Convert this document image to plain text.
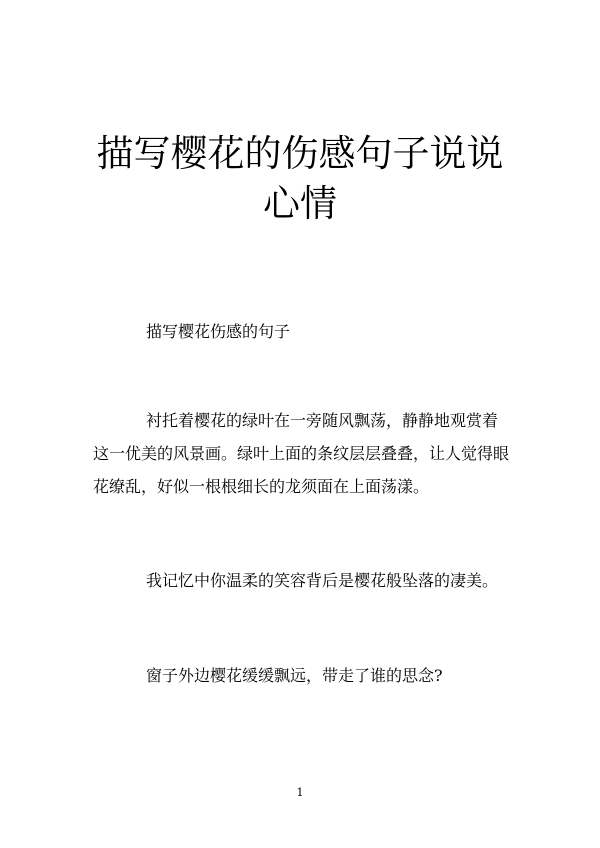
描写樱花的伤感句子说说
心情

描写樱花伤感的句子

衬托着樱花的绿叶在一旁随风飘荡，静静地观赏着这一优美的风景画。绿叶上面的条纹层层叠叠，让人觉得眼花缭乱，好似一根根细长的龙须面在上面荡漾。

我记忆中你温柔的笑容背后是樱花般坠落的凄美。

窗子外边樱花缓缓飘远，带走了谁的思念?

1
